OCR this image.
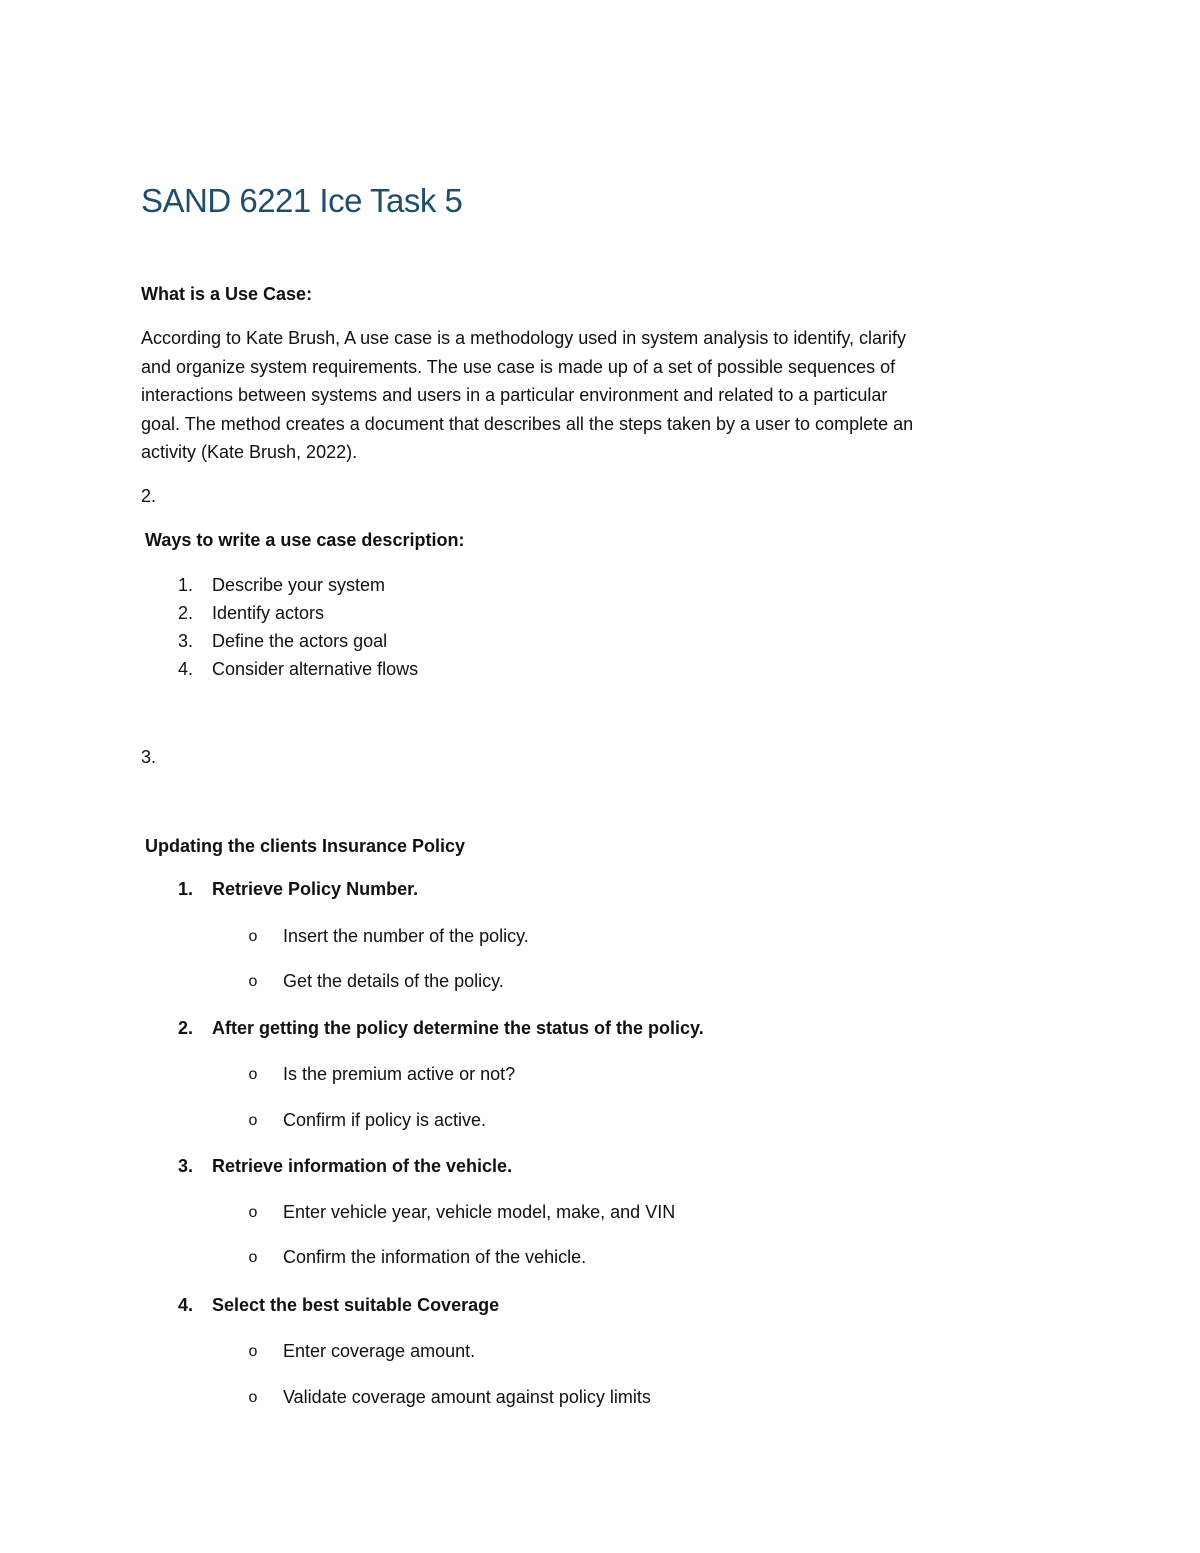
SAND 6221 Ice Task 5
What is a Use Case:
According to Kate Brush, A use case is a methodology used in system analysis to identify, clarify
and organize system requirements. The use case is made up of a set of possible sequences of
interactions between systems and users in a particular environment and related to a particular
goal. The method creates a document that describes all the steps taken by a user to complete an
activity (Kate Brush, 2022).
2.
Ways to write a use case description:
1. Describe your system
2. Identify actors
3. Define the actors goal
4. Consider alternative flows
3.
Updating the clients Insurance Policy
1. Retrieve Policy Number.
o Insert the number of the policy.
o Get the details of the policy.
2. After getting the policy determine the status of the policy.
o Is the premium active or not?
o Confirm if policy is active.
3. Retrieve information of the vehicle.
o Enter vehicle year, vehicle model, make, and VIN
o Confirm the information of the vehicle.
4. Select the best suitable Coverage
o Enter coverage amount.
o Validate coverage amount against policy limits
